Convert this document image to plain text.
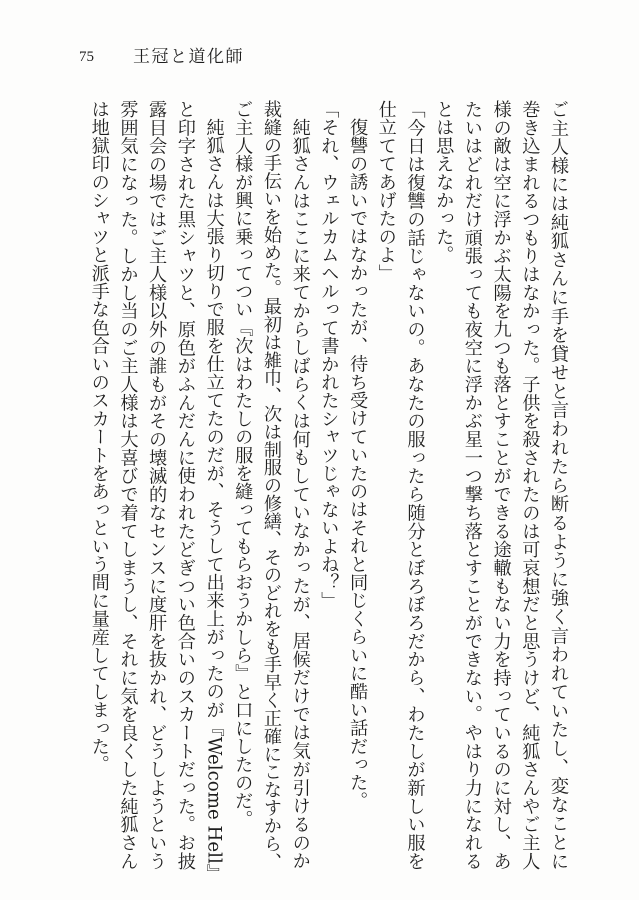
75 王冠と道化師
ご主人様には純狐さんに手を貸せと言われたら断るように強く言われていたし、変なことに
巻き込まれるつもりはなかった。子供を殺されたのは可哀想だと思うけど、純狐さんやご主人
様の敵は空に浮かぶ太陽を九つも落とすことができる途轍もない力を持っているのに対し、あ
たいはどれだけ頑張っても夜空に浮かぶ星一つ撃ち落とすことができない。やはり力になれる
とは思えなかった。
「今日は復讐の話じゃないの。あなたの服ったら随分とぼろぼろだから、わたしが新しい服を
仕立ててあげたのよ」
復讐の誘いではなかったが、待ち受けていたのはそれと同じくらいに酷い話だった。
「それ、ウェルカムヘルって書かれたシャツじゃないよね？」
純狐さんはここに来てからしばらくは何もしていなかったが、居候だけでは気が引けるのか
裁縫の手伝いを始めた。最初は雑巾、次は制服の修繕、そのどれをも手早く正確にこなすから、
ご主人様が興に乗ってつい『次はわたしの服を縫ってもらおうかしら』と口にしたのだ。
純狐さんは大張り切りで服を仕立てたのだが、そうして出来上がったのが『Welcome Hell』
と印字された黒シャツと、原色がふんだんに使われたどぎつい色合いのスカートだった。お披
露目会の場ではご主人様以外の誰もがその壊滅的なセンスに度肝を抜かれ、どうしようという
雰囲気になった。しかし当のご主人様は大喜びで着てしまうし、それに気を良くした純狐さん
は地獄印のシャツと派手な色合いのスカートをあっという間に量産してしまった。
